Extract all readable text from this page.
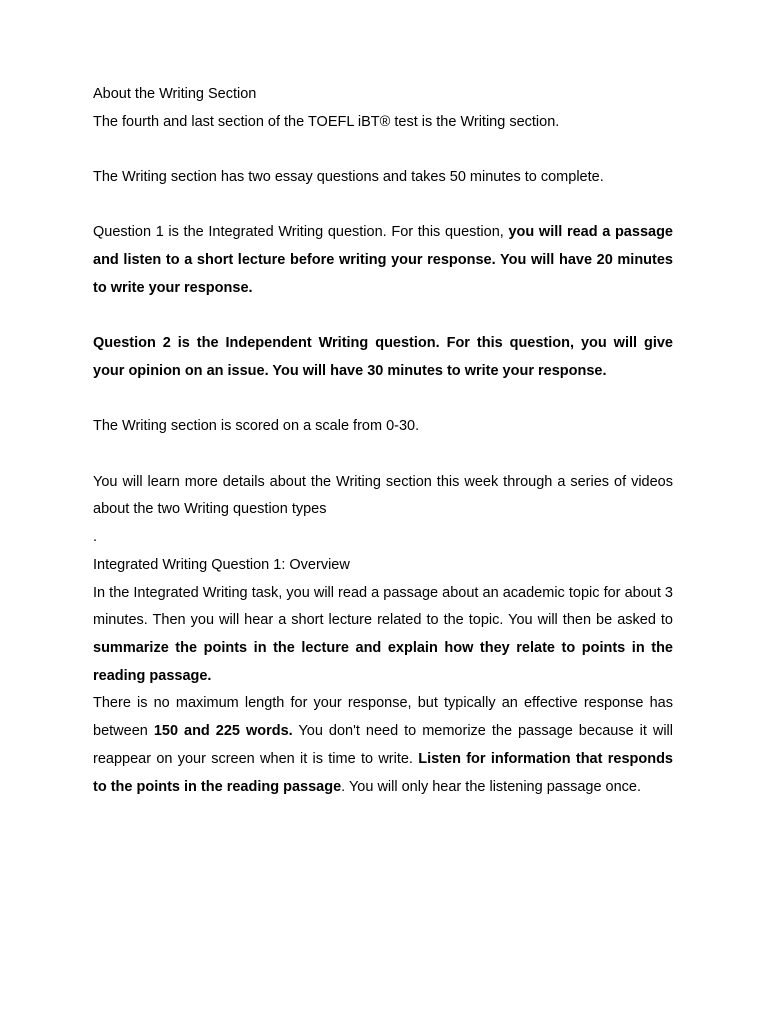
About the Writing Section

The fourth and last section of the TOEFL iBT® test is the Writing section.

The Writing section has two essay questions and takes 50 minutes to complete.

Question 1 is the Integrated Writing question. For this question, you will read a passage and listen to a short lecture before writing your response. You will have 20 minutes to write your response.

Question 2 is the Independent Writing question. For this question, you will give your opinion on an issue. You will have 30 minutes to write your response.

The Writing section is scored on a scale from 0-30.

You will learn more details about the Writing section this week through a series of videos about the two Writing question types

.

Integrated Writing Question 1: Overview

In the Integrated Writing task, you will read a passage about an academic topic for about 3 minutes. Then you will hear a short lecture related to the topic. You will then be asked to summarize the points in the lecture and explain how they relate to points in the reading passage.

There is no maximum length for your response, but typically an effective response has between 150 and 225 words. You don't need to memorize the passage because it will reappear on your screen when it is time to write. Listen for information that responds to the points in the reading passage. You will only hear the listening passage once.
